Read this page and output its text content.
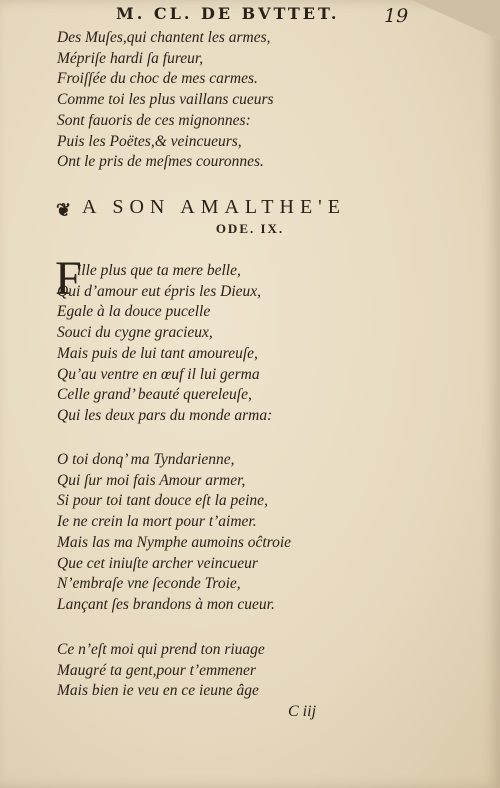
M. CL. DE BVTTET. 19
Des Muſes,qui chantent les armes,
Mépriſe hardi ſa fureur,
Froiſſée du choc de mes carmes.
Comme toi les plus vaillans cueurs
Sont fauoris de ces mignonnes:
Puis les Poëtes,& veincueurs,
Ont le pris de meſmes couronnes.
❦ A SON AMALTHE'E
ODE. IX.
F
ille plus que ta mere belle,
Qui d’amour eut épris les Dieux,
Egale à la douce pucelle
Souci du cygne gracieux,
Mais puis de lui tant amoureuſe,
Qu’au ventre en œuf il lui germa
Celle grand’ beauté quereleuſe,
Qui les deux pars du monde arma:
O toi donq’ ma Tyndarienne,
Qui ſur moi fais Amour armer,
Si pour toi tant douce eſt la peine,
Ie ne crein la mort pour t’aimer.
Mais las ma Nymphe aumoins oĉtroie
Que cet iniuſte archer veincueur
N’embraſe vne ſeconde Troie,
Lançant ſes brandons à mon cueur.
Ce n’eſt moi qui prend ton riuage
Maugré ta gent,pour t’emmener
Mais bien ie veu en ce ieune âge
C iij
